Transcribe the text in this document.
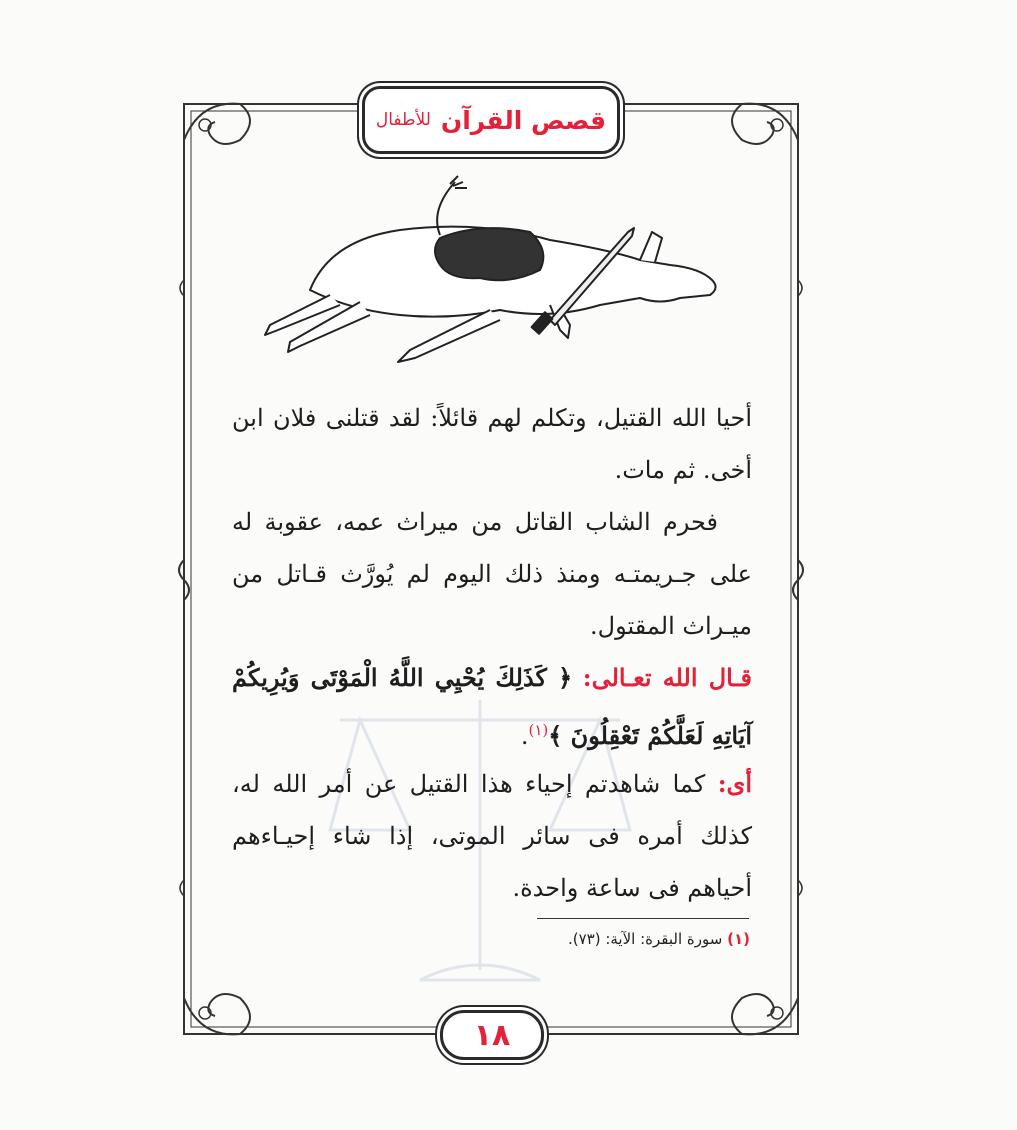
قصص القرآن
للأطفال
أحيا الله القتيل، وتكلم لهم قائلاً: لقد قتلنى فلان ابن أخى. ثم مات.
فحرم الشاب القاتل من ميراث عمه، عقوبة له على جـريمتـه ومنذ ذلك اليوم لم يُورَّث قـاتل من ميـراث المقتول.
قـال الله تعـالى: ﴿ كَذَلِكَ يُحْيِي اللَّهُ الْمَوْتَى وَيُرِيكُمْ آيَاتِهِ لَعَلَّكُمْ تَعْقِلُونَ ﴾$^{(١)}$.
أى: كما شاهدتم إحياء هذا القتيل عن أمر الله له، كذلك أمره فى سائر الموتى، إذا شاء إحيـاءهم أحياهم فى ساعة واحدة.
(١) سورة البقرة: الآية: (٧٣).
١٨
